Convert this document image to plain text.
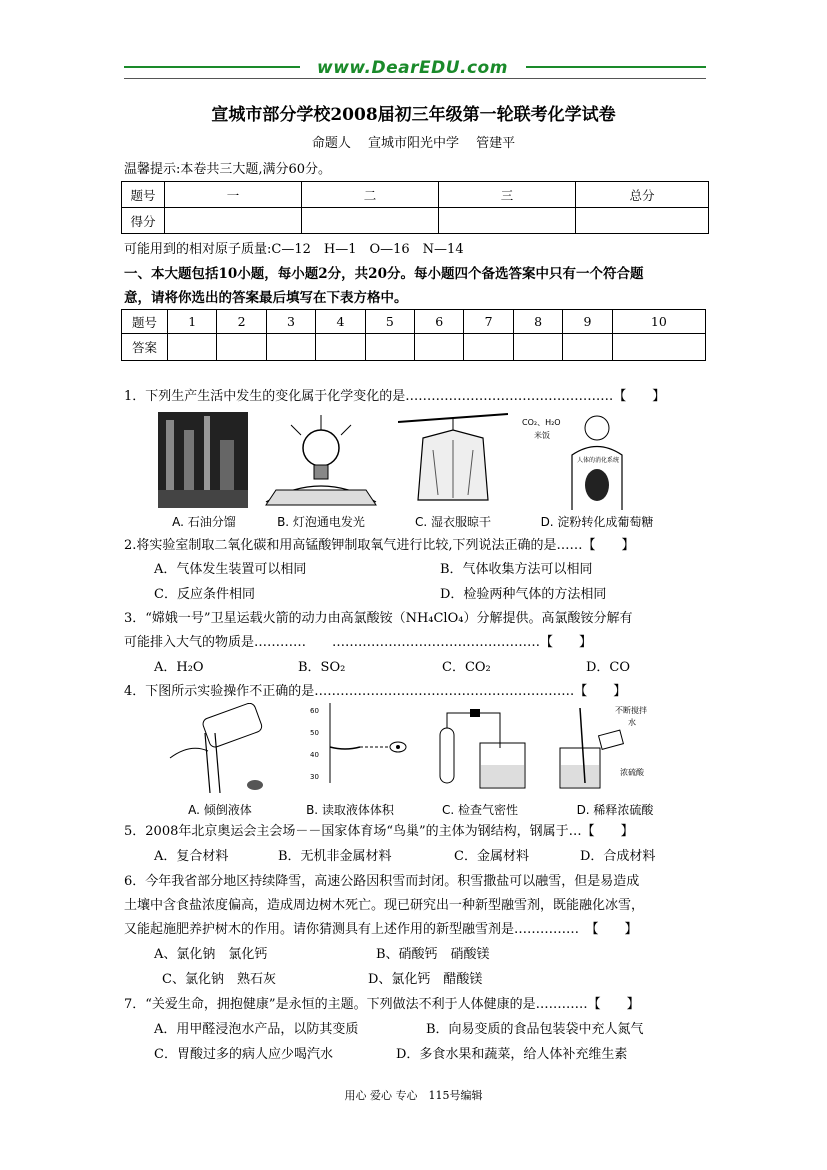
www.DearEDU.com
宣城市部分学校2008届初三年级第一轮联考化学试卷
命题人　 宣城市阳光中学　 管建平
温馨提示:本卷共三大题,满分60分。
题号	一	二	三	总分
得分				
可能用到的相对原子质量:C—12　H—1　O—16　N—14
一、本大题包括10小题，每小题2分，共20分。每小题四个备选答案中只有一个符合题
意，请将你选出的答案最后填写在下表方格中。
题号	1	2	3	4	5	6	7	8	9	10
答案										
1．下列生产生活中发生的变化属于化学变化的是…………………………………………【　　】
A. 石油分馏	B. 灯泡通电发光	C. 湿衣服晾干
CO₂、H₂O
米饭
人体的消化系统
D. 淀粉转化成葡萄糖
2.将实验室制取二氧化碳和用高锰酸钾制取氧气进行比较,下列说法正确的是……【　　】
A．气体发生装置可以相同	B．气体收集方法可以相同
C．反应条件相同	D．检验两种气体的方法相同
3．“嫦娥一号”卫星运载火箭的动力由高氯酸铵（NH₄ClO₄）分解提供。高氯酸铵分解有
可能排入大气的物质是…………　　…………………………………………【　　】
A．H₂O	B．SO₂	C．CO₂	D．CO
4．下图所示实验操作不正确的是……………………………………………………【　　】
A. 倾倒液体
60
50
40
30
B. 读取液体体积	C. 检查气密性
不断搅拌
水
浓硫酸
D. 稀释浓硫酸
5．2008年北京奥运会主会场－－国家体育场“鸟巢”的主体为钢结构，钢属于…【　　】
A．复合材料	B．无机非金属材料	C．金属材料	D．合成材料
6．今年我省部分地区持续降雪，高速公路因积雪而封闭。积雪撒盐可以融雪，但是易造成
土壤中含食盐浓度偏高，造成周边树木死亡。现已研究出一种新型融雪剂，既能融化冰雪，
又能起施肥养护树木的作用。请你猜测具有上述作用的新型融雪剂是……………　【　　】
A、氯化钠　氯化钙	B、硝酸钙　硝酸镁
C、氯化钠　熟石灰	D、氯化钙　醋酸镁
7．“关爱生命，拥抱健康”是永恒的主题。下列做法不利于人体健康的是…………【　　】
A．用甲醛浸泡水产品，以防其变质	B．向易变质的食品包装袋中充人氮气
C．胃酸过多的病人应少喝汽水	D．多食水果和蔬菜，给人体补充维生素
用心 爱心 专心　115号编辑
